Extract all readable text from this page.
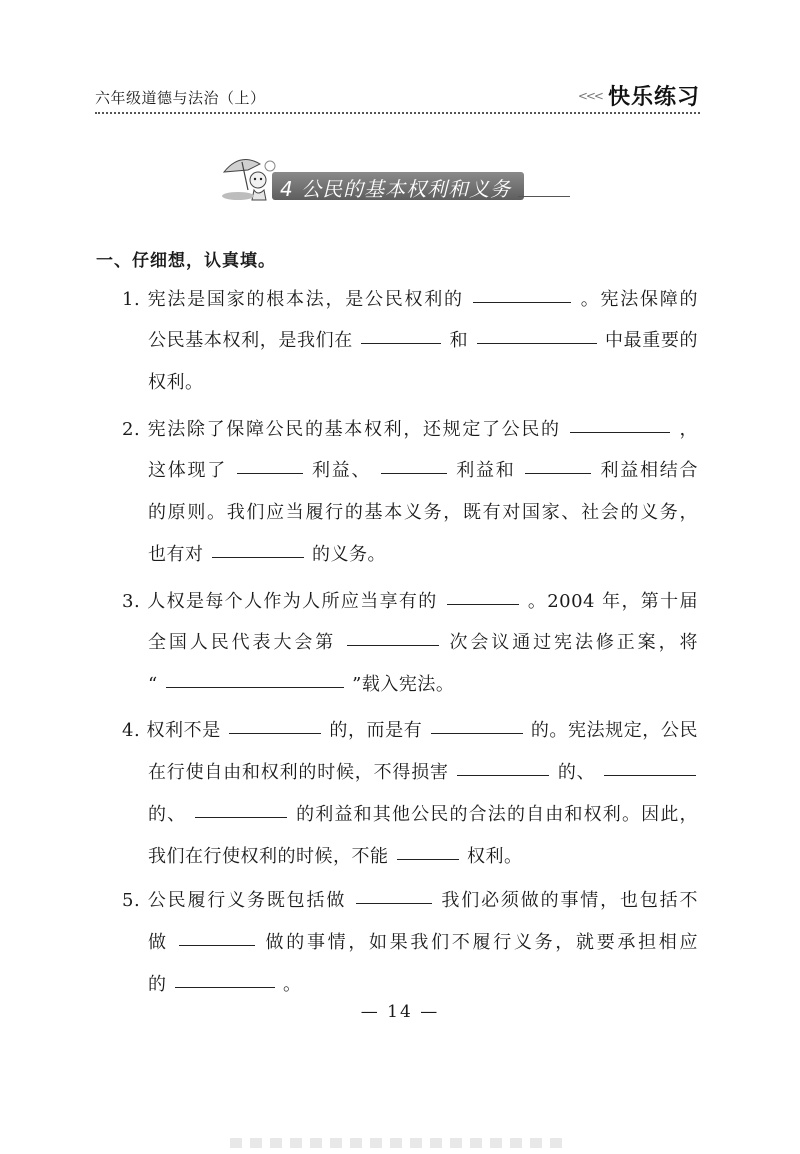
六年级道德与法治（上）	<<< 快乐练习
4 公民的基本权利和义务
一、仔细想，认真填。
1. 宪法是国家的根本法，是公民权利的	。宪法保障的
公民基本权利，是我们在	和	中最重要的
权利。
2. 宪法除了保障公民的基本权利，还规定了公民的	，
这体现了	利益、	利益和	利益相结合
的原则。我们应当履行的基本义务，既有对国家、社会的义务，
也有对	的义务。
3. 人权是每个人作为人所应当享有的	。2004 年，第十届
全国人民代表大会第	次会议通过宪法修正案，将
“	”载入宪法。
4. 权利不是	的，而是有	的。宪法规定，公民
在行使自由和权利的时候，不得损害	的、
的、	的利益和其他公民的合法的自由和权利。因此，
我们在行使权利的时候，不能	权利。
5. 公民履行义务既包括做	我们必须做的事情，也包括不
做	做的事情，如果我们不履行义务，就要承担相应
的	。
— 14 —
